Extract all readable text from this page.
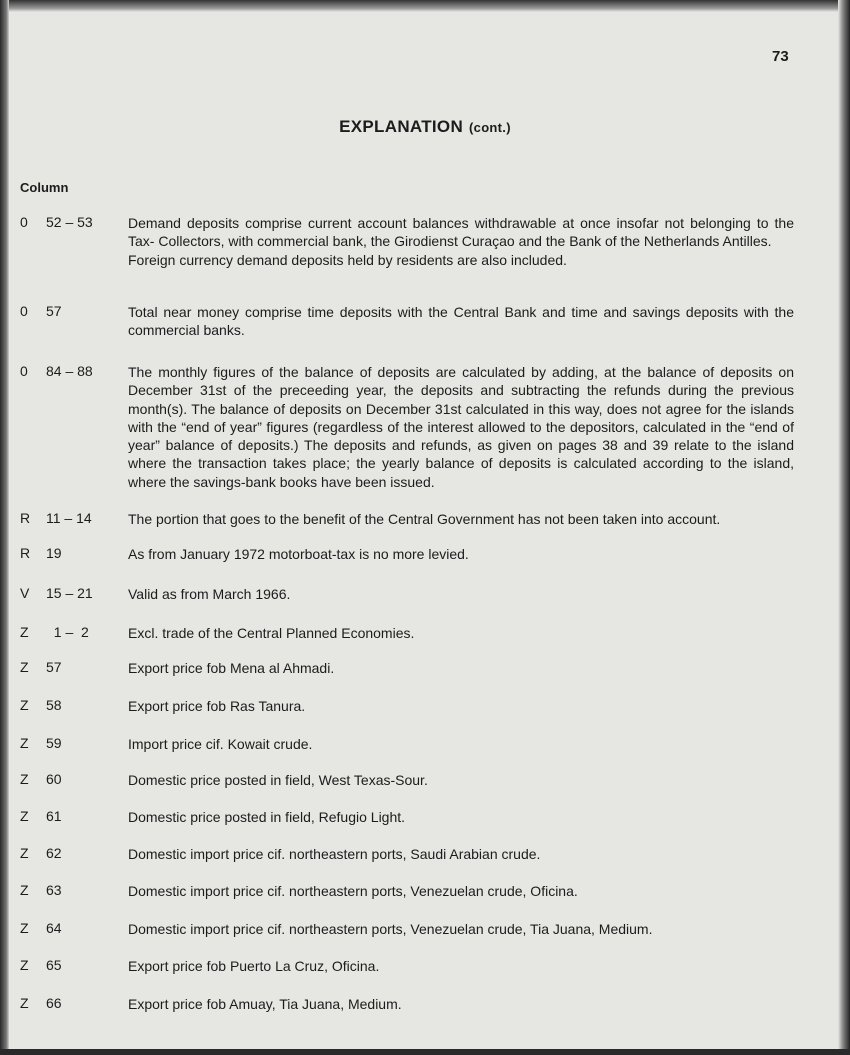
73
EXPLANATION (cont.)
Column
0 52 – 53	Demand deposits comprise current account balances withdrawable at once insofar not belonging to the Tax- Collectors, with commercial bank, the Girodienst Curaçao and the Bank of the Netherlands Antilles.

Foreign currency demand deposits held by residents are also included.

0 57	Total near money comprise time deposits with the Central Bank and time and savings deposits with the commercial banks.

0 84 – 88	The monthly figures of the balance of deposits are calculated by adding, at the balance of deposits on December 31st of the preceeding year, the deposits and subtracting the refunds during the previous month(s). The balance of deposits on December 31st calculated in this way, does not agree for the islands with the “end of year” figures (regardless of the interest allowed to the depositors, calculated in the “end of year” balance of deposits.) The deposits and refunds, as given on pages 38 and 39 relate to the island where the transaction takes place; the yearly balance of deposits is calculated according to the island, where the savings-bank books have been issued.

R 11 – 14	The portion that goes to the benefit of the Central Government has not been taken into account.

R 19	As from January 1972 motorboat-tax is no more levied.

V 15 – 21	Valid as from March 1966.

Z 1 –  2	Excl. trade of the Central Planned Economies.

Z 57	Export price fob Mena al Ahmadi.

Z 58	Export price fob Ras Tanura.

Z 59	Import price cif. Kowait crude.

Z 60	Domestic price posted in field, West Texas-Sour.

Z 61	Domestic price posted in field, Refugio Light.

Z 62	Domestic import price cif. northeastern ports, Saudi Arabian crude.

Z 63	Domestic import price cif. northeastern ports, Venezuelan crude, Oficina.

Z 64	Domestic import price cif. northeastern ports, Venezuelan crude, Tia Juana, Medium.

Z 65	Export price fob Puerto La Cruz, Oficina.

Z 66	Export price fob Amuay, Tia Juana, Medium.
